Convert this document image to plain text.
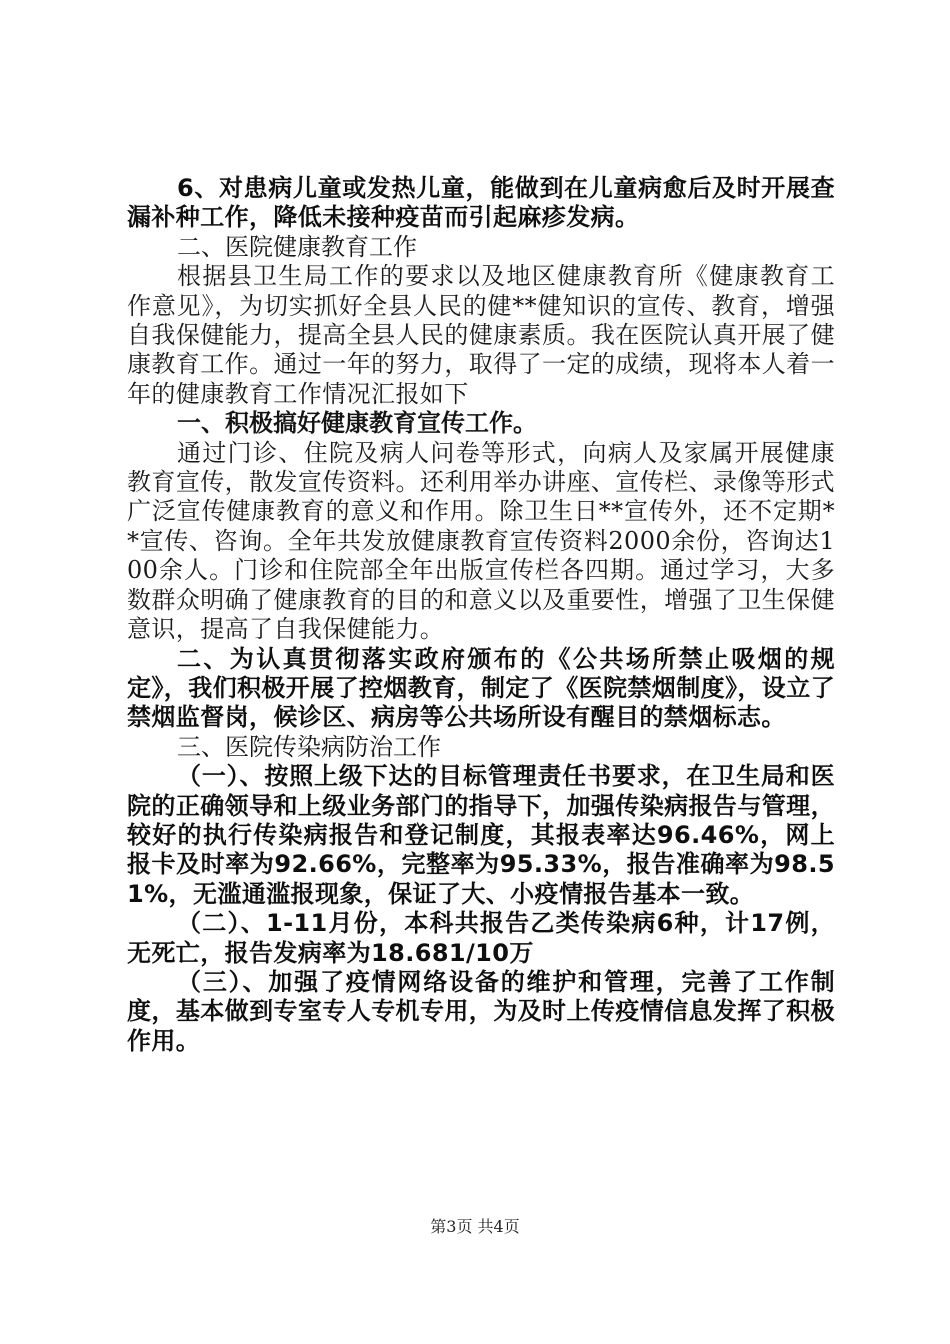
6、对患病儿童或发热儿童，能做到在儿童病愈后及时开展查漏补种工作，降低未接种疫苗而引起麻疹发病。

二、医院健康教育工作

根据县卫生局工作的要求以及地区健康教育所《健康教育工作意见》，为切实抓好全县人民的健**健知识的宣传、教育，增强自我保健能力，提高全县人民的健康素质。我在医院认真开展了健康教育工作。通过一年的努力，取得了一定的成绩，现将本人着一年的健康教育工作情况汇报如下

一、积极搞好健康教育宣传工作。

通过门诊、住院及病人问卷等形式，向病人及家属开展健康教育宣传，散发宣传资料。还利用举办讲座、宣传栏、录像等形式广泛宣传健康教育的意义和作用。除卫生日**宣传外，还不定期**宣传、咨询。全年共发放健康教育宣传资料2000余份，咨询达100余人。门诊和住院部全年出版宣传栏各四期。通过学习，大多数群众明确了健康教育的目的和意义以及重要性，增强了卫生保健意识，提高了自我保健能力。

二、为认真贯彻落实政府颁布的《公共场所禁止吸烟的规定》，我们积极开展了控烟教育，制定了《医院禁烟制度》，设立了禁烟监督岗，候诊区、病房等公共场所设有醒目的禁烟标志。

三、医院传染病防治工作

（一）、按照上级下达的目标管理责任书要求，在卫生局和医院的正确领导和上级业务部门的指导下，加强传染病报告与管理，较好的执行传染病报告和登记制度，其报表率达96.46%，网上报卡及时率为92.66%，完整率为95.33%，报告准确率为98.51%，无滥通滥报现象，保证了大、小疫情报告基本一致。

（二）、1-11月份，本科共报告乙类传染病6种，计17例，无死亡，报告发病率为18.681/10万

（三）、加强了疫情网络设备的维护和管理，完善了工作制度，基本做到专室专人专机专用，为及时上传疫情信息发挥了积极作用。

第3页 共4页
